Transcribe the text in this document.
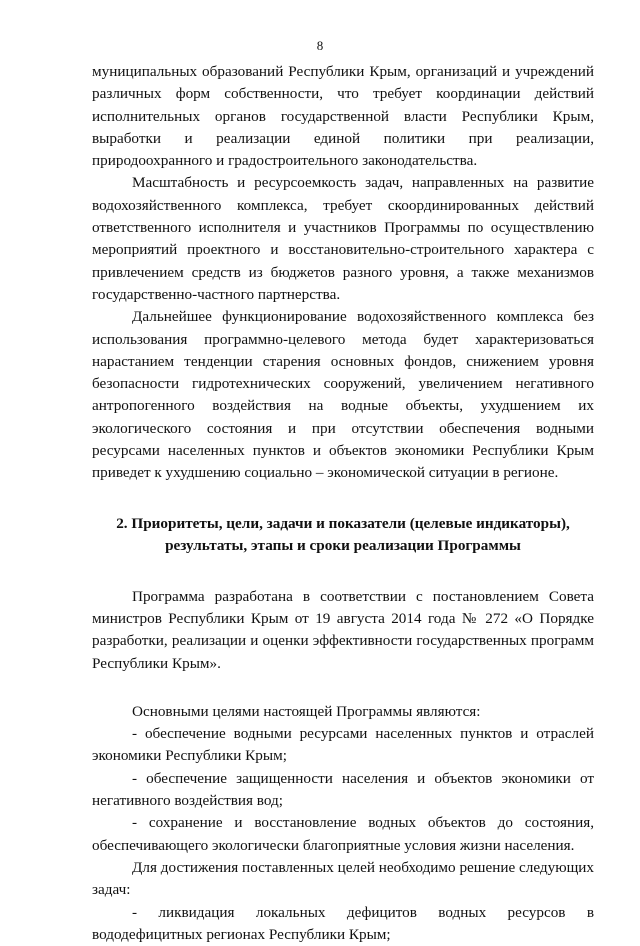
8

муниципальных образований Республики Крым, организаций и учреждений различных форм собственности, что требует координации действий исполнительных органов государственной власти Республики Крым, выработки и реализации единой политики при реализации, природоохранного и градостроительного законодательства.

Масштабность и ресурсоемкость задач, направленных на развитие водохозяйственного комплекса, требует скоординированных действий ответственного исполнителя и участников Программы по осуществлению мероприятий проектного и восстановительно-строительного характера с привлечением средств из бюджетов разного уровня, а также механизмов государственно-частного партнерства.

Дальнейшее функционирование водохозяйственного комплекса без использования программно-целевого метода будет характеризоваться нарастанием тенденции старения основных фондов, снижением уровня безопасности гидротехнических сооружений, увеличением негативного антропогенного воздействия на водные объекты, ухудшением их экологического состояния и при отсутствии обеспечения водными ресурсами населенных пунктов и объектов экономики Республики Крым приведет к ухудшению социально – экономической ситуации в регионе.

2. Приоритеты, цели, задачи и показатели (целевые индикаторы),
результаты, этапы и сроки реализации Программы

Программа разработана в соответствии с постановлением Совета министров Республики Крым от 19 августа 2014 года № 272 «О Порядке разработки, реализации и оценки эффективности государственных программ Республики Крым».

Основными целями настоящей Программы являются:

- обеспечение водными ресурсами населенных пунктов и отраслей экономики Республики Крым;

- обеспечение защищенности населения и объектов экономики от негативного воздействия вод;

- сохранение и восстановление водных объектов до состояния, обеспечивающего экологически благоприятные условия жизни населения.

Для достижения поставленных целей необходимо решение следующих задач:

- ликвидация локальных дефицитов водных ресурсов в вододефицитных регионах Республики Крым;
